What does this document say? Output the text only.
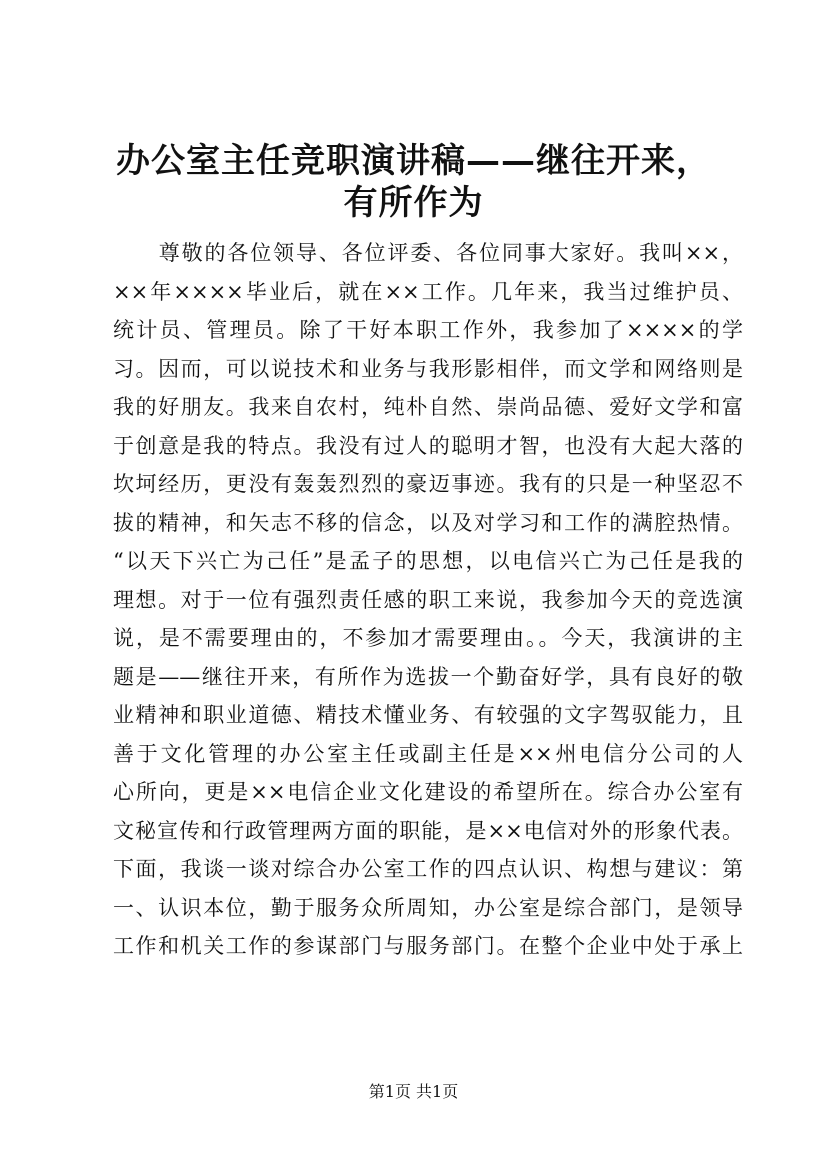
办公室主任竞职演讲稿——继往开来，有所作为
　　尊敬的各位领导、各位评委、各位同事大家好。我叫××，
××年××××毕业后，就在××工作。几年来，我当过维护员、
统计员、管理员。除了干好本职工作外，我参加了××××的学
习。因而，可以说技术和业务与我形影相伴，而文学和网络则是
我的好朋友。我来自农村，纯朴自然、崇尚品德、爱好文学和富
于创意是我的特点。我没有过人的聪明才智，也没有大起大落的
坎坷经历，更没有轰轰烈烈的豪迈事迹。我有的只是一种坚忍不
拔的精神，和矢志不移的信念，以及对学习和工作的满腔热情。
“以天下兴亡为己任”是孟子的思想，以电信兴亡为己任是我的
理想。对于一位有强烈责任感的职工来说，我参加今天的竞选演
说，是不需要理由的，不参加才需要理由。。今天，我演讲的主
题是——继往开来，有所作为选拔一个勤奋好学，具有良好的敬
业精神和职业道德、精技术懂业务、有较强的文字驾驭能力，且
善于文化管理的办公室主任或副主任是××州电信分公司的人
心所向，更是××电信企业文化建设的希望所在。综合办公室有
文秘宣传和行政管理两方面的职能，是××电信对外的形象代表。
下面，我谈一谈对综合办公室工作的四点认识、构想与建议：第
一、认识本位，勤于服务众所周知，办公室是综合部门，是领导
工作和机关工作的参谋部门与服务部门。在整个企业中处于承上
第1页 共1页
